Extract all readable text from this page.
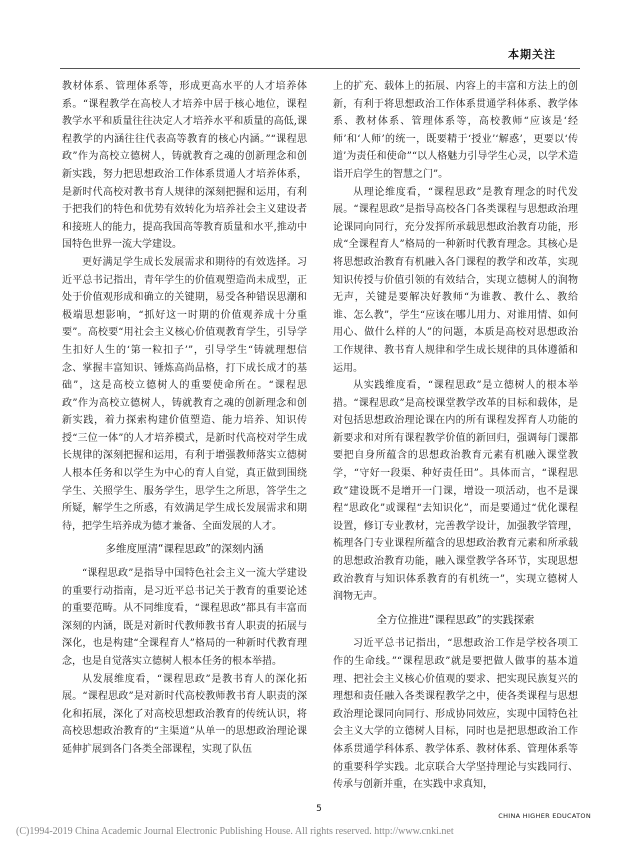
本期关注

教材体系、管理体系等，形成更高水平的人才培养体系。“课程教学在高校人才培养中居于核心地位，课程教学水平和质量往往决定人才培养水平和质量的高低,课程教学的内涵往往代表高等教育的核心内涵。”“课程思政”作为高校立德树人，铸就教育之魂的创新理念和创新实践，努力把思想政治工作体系贯通人才培养体系，是新时代高校对教书育人规律的深刻把握和运用，有利于把我们的特色和优势有效转化为培养社会主义建设者和接班人的能力，提高我国高等教育质量和水平,推动中国特色世界一流大学建设。

更好满足学生成长发展需求和期待的有效选择。习近平总书记指出，青年学生的价值观塑造尚未成型，正处于价值观形成和确立的关键期，易受各种错误思潮和极端思想影响，“抓好这一时期的价值观养成十分重要”。高校要“用社会主义核心价值观教育学生，引导学生扣好人生的‘第一粒扣子’”，引导学生“铸就理想信念、掌握丰富知识、锤炼高尚品格，打下成长成才的基础”，这是高校立德树人的重要使命所在。“课程思政”作为高校立德树人，铸就教育之魂的创新理念和创新实践，着力探索构建价值塑造、能力培养、知识传授“三位一体”的人才培养模式，是新时代高校对学生成长规律的深刻把握和运用，有利于增强教师落实立德树人根本任务和以学生为中心的育人自觉，真正做到围绕学生、关照学生、服务学生，思学生之所思，答学生之所疑，解学生之所惑，有效满足学生成长发展需求和期待，把学生培养成为德才兼备、全面发展的人才。

多维度厘清“课程思政”的深刻内涵

“课程思政”是指导中国特色社会主义一流大学建设的重要行动指南，是习近平总书记关于教育的重要论述的重要范畴。从不同维度看，“课程思政”都具有丰富而深刻的内涵，既是对新时代教师教书育人职责的拓展与深化，也是构建“全课程育人”格局的一种新时代教育理念，也是自觉落实立德树人根本任务的根本举措。

从发展维度看，“课程思政”是教书育人的深化拓展。“课程思政”是对新时代高校教师教书育人职责的深化和拓展，深化了对高校思想政治教育的传统认识，将高校思想政治教育的“主渠道”从单一的思想政治理论课延伸扩展到各门各类全部课程，实现了队伍

上的扩充、载体上的拓展、内容上的丰富和方法上的创新，有利于将思想政治工作体系贯通学科体系、教学体系、教材体系、管理体系等，高校教师“应该是‘经师’和‘人师’的统一，既要精于‘授业’‘解惑’，更要以‘传道’为责任和使命”“以人格魅力引导学生心灵，以学术造诣开启学生的智慧之门”。

从理论维度看，“课程思政”是教育理念的时代发展。“课程思政”是指导高校各门各类课程与思想政治理论课同向同行，充分发挥所承载思想政治教育功能，形成“全课程育人”格局的一种新时代教育理念。其核心是将思想政治教育有机融入各门课程的教学和改革，实现知识传授与价值引领的有效结合，实现立德树人的润物无声，关键是要解决好教师“为谁教、教什么、教给谁、怎么教”，学生“应该在哪儿用力、对谁用情、如何用心、做什么样的人”的问题，本质是高校对思想政治工作规律、教书育人规律和学生成长规律的具体遵循和运用。

从实践维度看，“课程思政”是立德树人的根本举措。“课程思政”是高校课堂教学改革的目标和载体，是对包括思想政治理论课在内的所有课程发挥育人功能的新要求和对所有课程教学价值的新回归，强调每门课都要把自身所蕴含的思想政治教育元素有机融入课堂教学，“守好一段渠、种好责任田”。具体而言，“课程思政”建设既不是增开一门课，增设一项活动，也不是课程“思政化”或课程“去知识化”，而是要通过“优化课程设置，修订专业教材，完善教学设计，加强教学管理，梳理各门专业课程所蕴含的思想政治教育元素和所承载的思想政治教育功能，融入课堂教学各环节，实现思想政治教育与知识体系教育的有机统一”，实现立德树人润物无声。

全方位推进“课程思政”的实践探索

习近平总书记指出，“思想政治工作是学校各项工作的生命线。”“课程思政”就是要把做人做事的基本道理、把社会主义核心价值观的要求、把实现民族复兴的理想和责任融入各类课程教学之中，使各类课程与思想政治理论课同向同行、形成协同效应，实现中国特色社会主义大学的立德树人目标，同时也是把思想政治工作体系贯通学科体系、教学体系、教材体系、管理体系等的重要科学实践。北京联合大学坚持理论与实践同行、传承与创新并重，在实践中求真知，

5
CHINA HIGHER EDUCATON
(C)1994-2019 China Academic Journal Electronic Publishing House. All rights reserved. http://www.cnki.net
